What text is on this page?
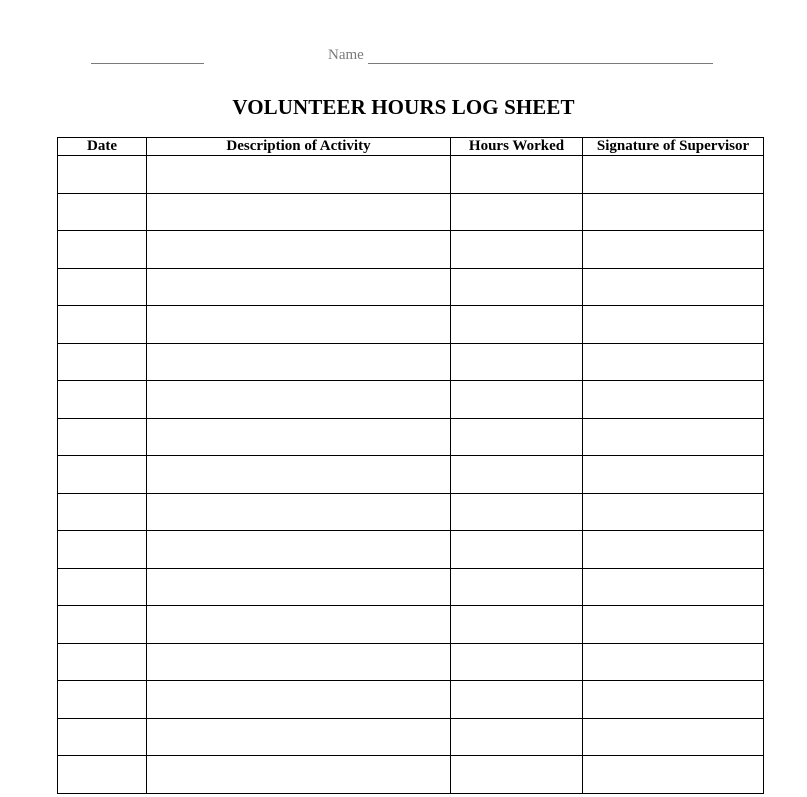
Name
VOLUNTEER HOURS LOG SHEET
Date	Description of Activity	Hours Worked	Signature of Supervisor
